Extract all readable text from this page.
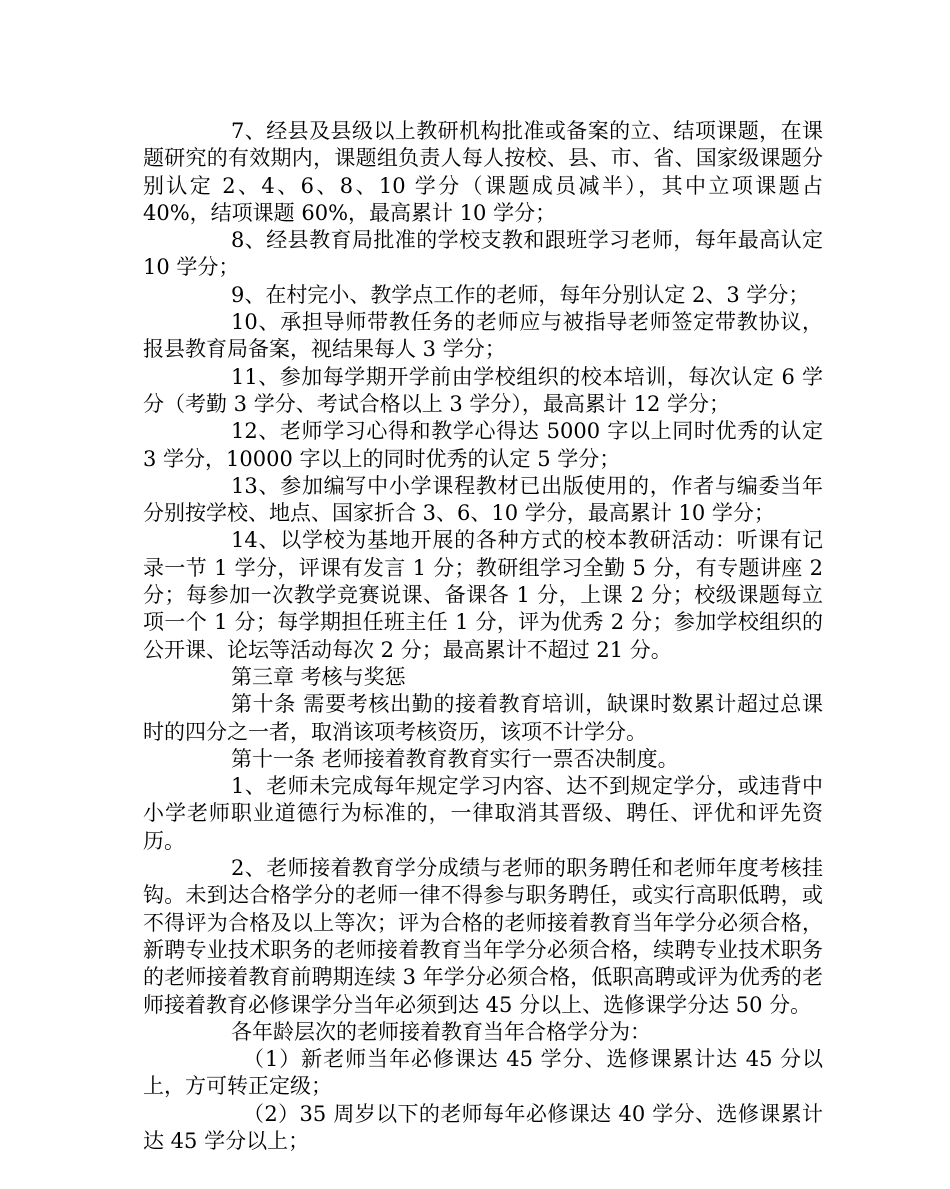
7、经县及县级以上教研机构批准或备案的立、结项课题，在课题研究的有效期内，课题组负责人每人按校、县、市、省、国家级课题分别认定 2、4、6、8、10 学分（课题成员减半），其中立项课题占 40%，结项课题 60%，最高累计 10 学分；

8、经县教育局批准的学校支教和跟班学习老师，每年最高认定 10 学分；

9、在村完小、教学点工作的老师，每年分别认定 2、3 学分；

10、承担导师带教任务的老师应与被指导老师签定带教协议，报县教育局备案，视结果每人 3 学分；

11、参加每学期开学前由学校组织的校本培训，每次认定 6 学分（考勤 3 学分、考试合格以上 3 学分），最高累计 12 学分；

12、老师学习心得和教学心得达 5000 字以上同时优秀的认定 3 学分，10000 字以上的同时优秀的认定 5 学分；

13、参加编写中小学课程教材已出版使用的，作者与编委当年分别按学校、地点、国家折合 3、6、10 学分，最高累计 10 学分；

14、以学校为基地开展的各种方式的校本教研活动：听课有记录一节 1 学分，评课有发言 1 分；教研组学习全勤 5 分，有专题讲座 2 分；每参加一次教学竞赛说课、备课各 1 分，上课 2 分；校级课题每立项一个 1 分；每学期担任班主任 1 分，评为优秀 2 分；参加学校组织的公开课、论坛等活动每次 2 分；最高累计不超过 21 分。

第三章 考核与奖惩

第十条 需要考核出勤的接着教育培训，缺课时数累计超过总课时的四分之一者，取消该项考核资历，该项不计学分。

第十一条 老师接着教育教育实行一票否决制度。

1、老师未完成每年规定学习内容、达不到规定学分，或违背中小学老师职业道德行为标准的，一律取消其晋级、聘任、评优和评先资历。

2、老师接着教育学分成绩与老师的职务聘任和老师年度考核挂钩。未到达合格学分的老师一律不得参与职务聘任，或实行高职低聘，或不得评为合格及以上等次；评为合格的老师接着教育当年学分必须合格，新聘专业技术职务的老师接着教育当年学分必须合格，续聘专业技术职务的老师接着教育前聘期连续 3 年学分必须合格，低职高聘或评为优秀的老师接着教育必修课学分当年必须到达 45 分以上、选修课学分达 50 分。

各年龄层次的老师接着教育当年合格学分为：

（1）新老师当年必修课达 45 学分、选修课累计达 45 分以上，方可转正定级；

（2）35 周岁以下的老师每年必修课达 40 学分、选修课累计达 45 学分以上；
